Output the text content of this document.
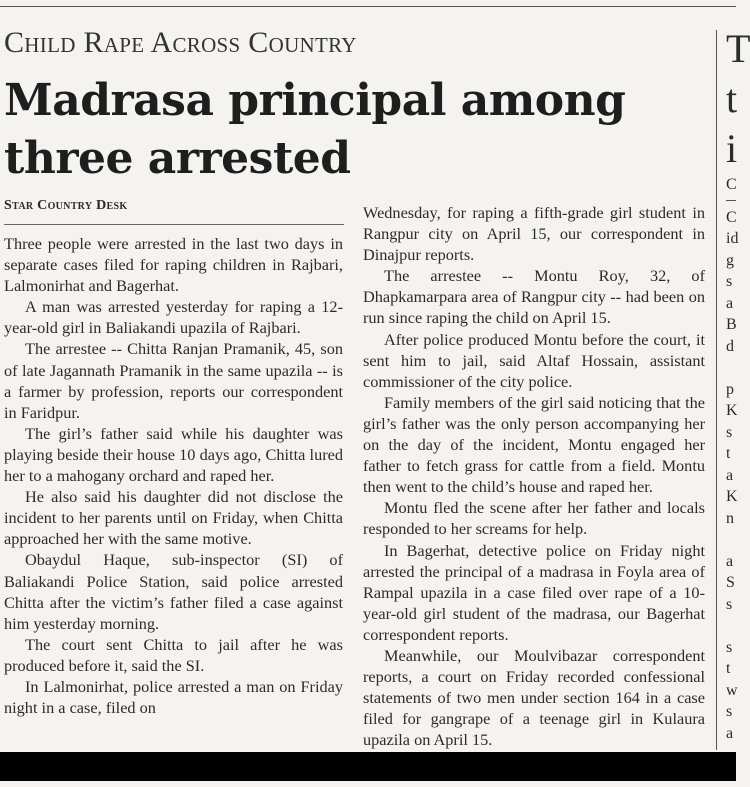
Child Rape Across Country
Madrasa principal among three arrested
Star Country Desk

Three people were arrested in the last two days in separate cases filed for raping children in Rajbari, Lalmonirhat and Bagerhat.

A man was arrested yesterday for raping a 12-year-old girl in Baliakandi upazila of Rajbari.

The arrestee -- Chitta Ranjan Pramanik, 45, son of late Jagannath Pramanik in the same upazila -- is a farmer by profession, reports our correspondent in Faridpur.

The girl’s father said while his daughter was playing beside their house 10 days ago, Chitta lured her to a mahogany orchard and raped her.

He also said his daughter did not disclose the incident to her parents until on Friday, when Chitta approached her with the same motive.

Obaydul Haque, sub-inspector (SI) of Baliakandi Police Station, said police arrested Chitta after the victim’s father filed a case against him yesterday morning.

The court sent Chitta to jail after he was produced before it, said the SI.

In Lalmonirhat, police arrested a man on Friday night in a case, filed on

Wednesday, for raping a fifth-grade girl student in Rangpur city on April 15, our correspondent in Dinajpur reports.

The arrestee -- Montu Roy, 32, of Dhapkamarpara area of Rangpur city -- had been on run since raping the child on April 15.

After police produced Montu before the court, it sent him to jail, said Altaf Hossain, assistant commissioner of the city police.

Family members of the girl said noticing that the girl’s father was the only person accompanying her on the day of the incident, Montu engaged her father to fetch grass for cattle from a field. Montu then went to the child’s house and raped her.

Montu fled the scene after her father and locals responded to her screams for help.

In Bagerhat, detective police on Friday night arrested the principal of a madrasa in Foyla area of Rampal upazila in a case filed over rape of a 10-year-old girl student of the madrasa, our Bagerhat correspondent reports.

Meanwhile, our Moulvibazar correspondent reports, a court on Friday recorded confessional statements of two men under section 164 in a case filed for gangrape of a teenage girl in Kulaura upazila on April 15.

T
t
i
C
C
id
g
s
a
B
d

p
K
s
t
a
K
n

a
S
s

s
t
w
s
a
